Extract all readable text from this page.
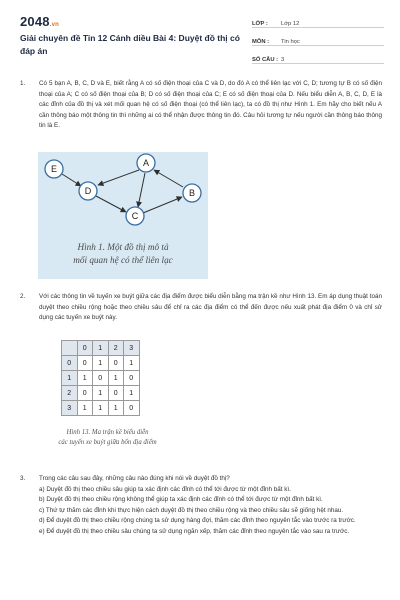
2048.vn
Giải chuyên đề Tin 12 Cánh diều Bài 4: Duyệt đồ thị có đáp án
LỚP :	Lớp 12
MÔN :	Tin học
SỐ CÂU : 3
1. Có 5 bạn A, B, C, D và E, biết rằng A có số điện thoại của C và D, do đó A có thể liên lạc với C, D; tương tự B có số điện thoại của A; C có số điện thoại của B; D có số điện thoại của C; E có số điện thoại của D. Nếu biểu diễn A, B, C, D, E là các đỉnh của đồ thị và xét mối quan hệ có số điện thoại (có thể liên lạc), ta có đồ thị như Hình 1. Em hãy cho biết nếu A cần thông báo một thông tin thì những ai có thể nhận được thông tin đó. Câu hỏi tương tự nếu người cần thông báo thông tin là E.
A
B
C
D
E
Hình 1. Một đồ thị mô tả
mối quan hệ có thể liên lạc
2. Với các thông tin về tuyến xe buýt giữa các địa điểm được biểu diễn bằng ma trận kề như Hình 13. Em áp dụng thuật toán duyệt theo chiều rộng hoặc theo chiều sâu để chỉ ra các địa điểm có thể đến được nếu xuất phát địa điểm 0 và chỉ sử dụng các tuyến xe buýt này.
	0	1	2	3
0	0	1	0	1
1	1	0	1	0
2	0	1	0	1
3	1	1	1	0
Hình 13. Ma trận kề biểu diễn
các tuyến xe buýt giữa bốn địa điểm
3. Trong các câu sau đây, những câu nào đúng khi nói về duyệt đồ thị?
a) Duyệt đồ thị theo chiều sâu giúp ta xác định các đỉnh có thể tới được từ một đỉnh bất kì.
b) Duyệt đồ thị theo chiều rộng không thể giúp ta xác định các đỉnh có thể tới được từ một đỉnh bất kì.
c) Thứ tự thăm các đỉnh khi thực hiện cách duyệt đồ thị theo chiều rộng và theo chiều sâu sẽ giống hệt nhau.
d) Để duyệt đồ thị theo chiều rộng chúng ta sử dụng hàng đợi, thăm các đỉnh theo nguyên tắc vào trước ra trước.
e) Để duyệt đồ thị theo chiều sâu chúng ta sử dụng ngăn xếp, thăm các đỉnh theo nguyên tắc vào sau ra trước.
